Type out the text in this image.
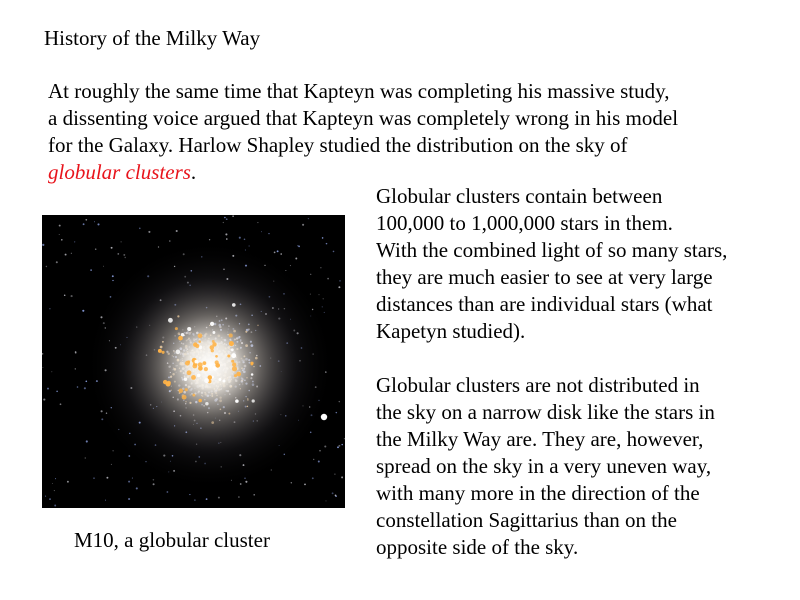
History of the Milky Way
At roughly the same time that Kapteyn was completing his massive study,
a dissenting voice argued that Kapteyn was completely wrong in his model
for the Galaxy. Harlow Shapley studied the distribution on the sky of
globular clusters.
M10, a globular cluster
Globular clusters contain between
100,000 to 1,000,000 stars in them.
With the combined light of so many stars,
they are much easier to see at very large
distances than are individual stars (what
Kapetyn studied).
Globular clusters are not distributed in
the sky on a narrow disk like the stars in
the Milky Way are. They are, however,
spread on the sky in a very uneven way,
with many more in the direction of the
constellation Sagittarius than on the
opposite side of the sky.
